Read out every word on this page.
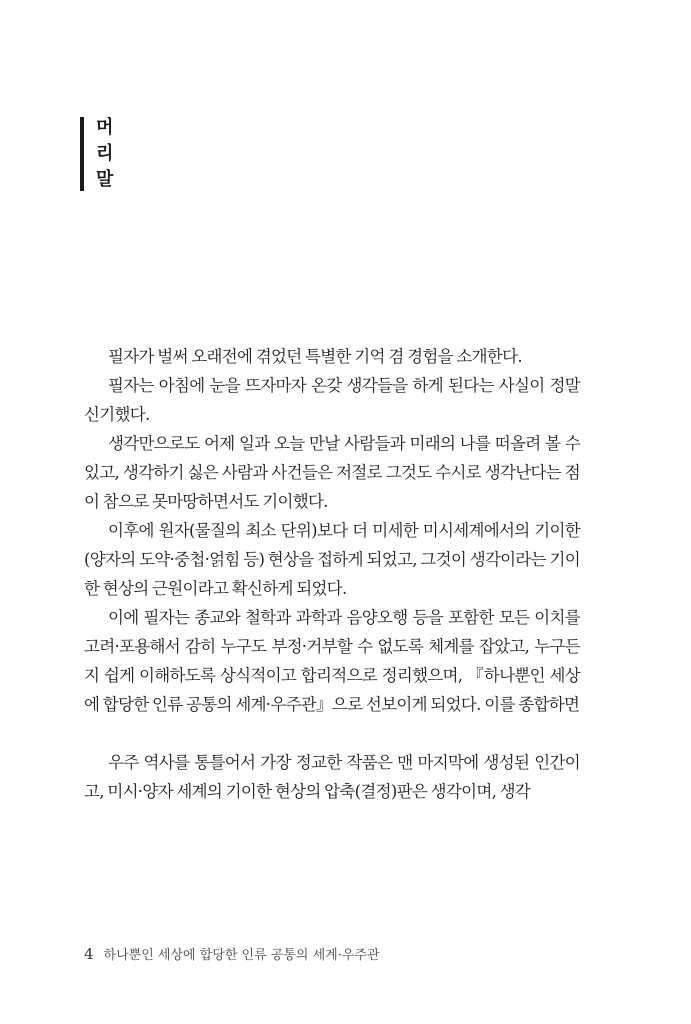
머
리
말

필자가 벌써 오래전에 겪었던 특별한 기억 겸 경험을 소개한다.

필자는 아침에 눈을 뜨자마자 온갖 생각들을 하게 된다는 사실이 정말 신기했다.

생각만으로도 어제 일과 오늘 만날 사람들과 미래의 나를 떠올려 볼 수 있고, 생각하기 싫은 사람과 사건들은 저절로 그것도 수시로 생각난다는 점이 참으로 못마땅하면서도 기이했다.

이후에 원자(물질의 최소 단위)보다 더 미세한 미시세계에서의 기이한(양자의 도약·중첩·얽힘 등) 현상을 접하게 되었고, 그것이 생각이라는 기이한 현상의 근원이라고 확신하게 되었다.

이에 필자는 종교와 철학과 과학과 음양오행 등을 포함한 모든 이치를 고려·포용해서 감히 누구도 부정·거부할 수 없도록 체계를 잡았고, 누구든지 쉽게 이해하도록 상식적이고 합리적으로 정리했으며, 『하나뿐인 세상에 합당한 인류 공통의 세계·우주관』으로 선보이게 되었다. 이를 종합하면

우주 역사를 통틀어서 가장 정교한 작품은 맨 마지막에 생성된 인간이고, 미시·양자 세계의 기이한 현상의 압축(결정)판은 생각이며, 생각

4 하나뿐인 세상에 합당한 인류 공통의 세계·우주관
